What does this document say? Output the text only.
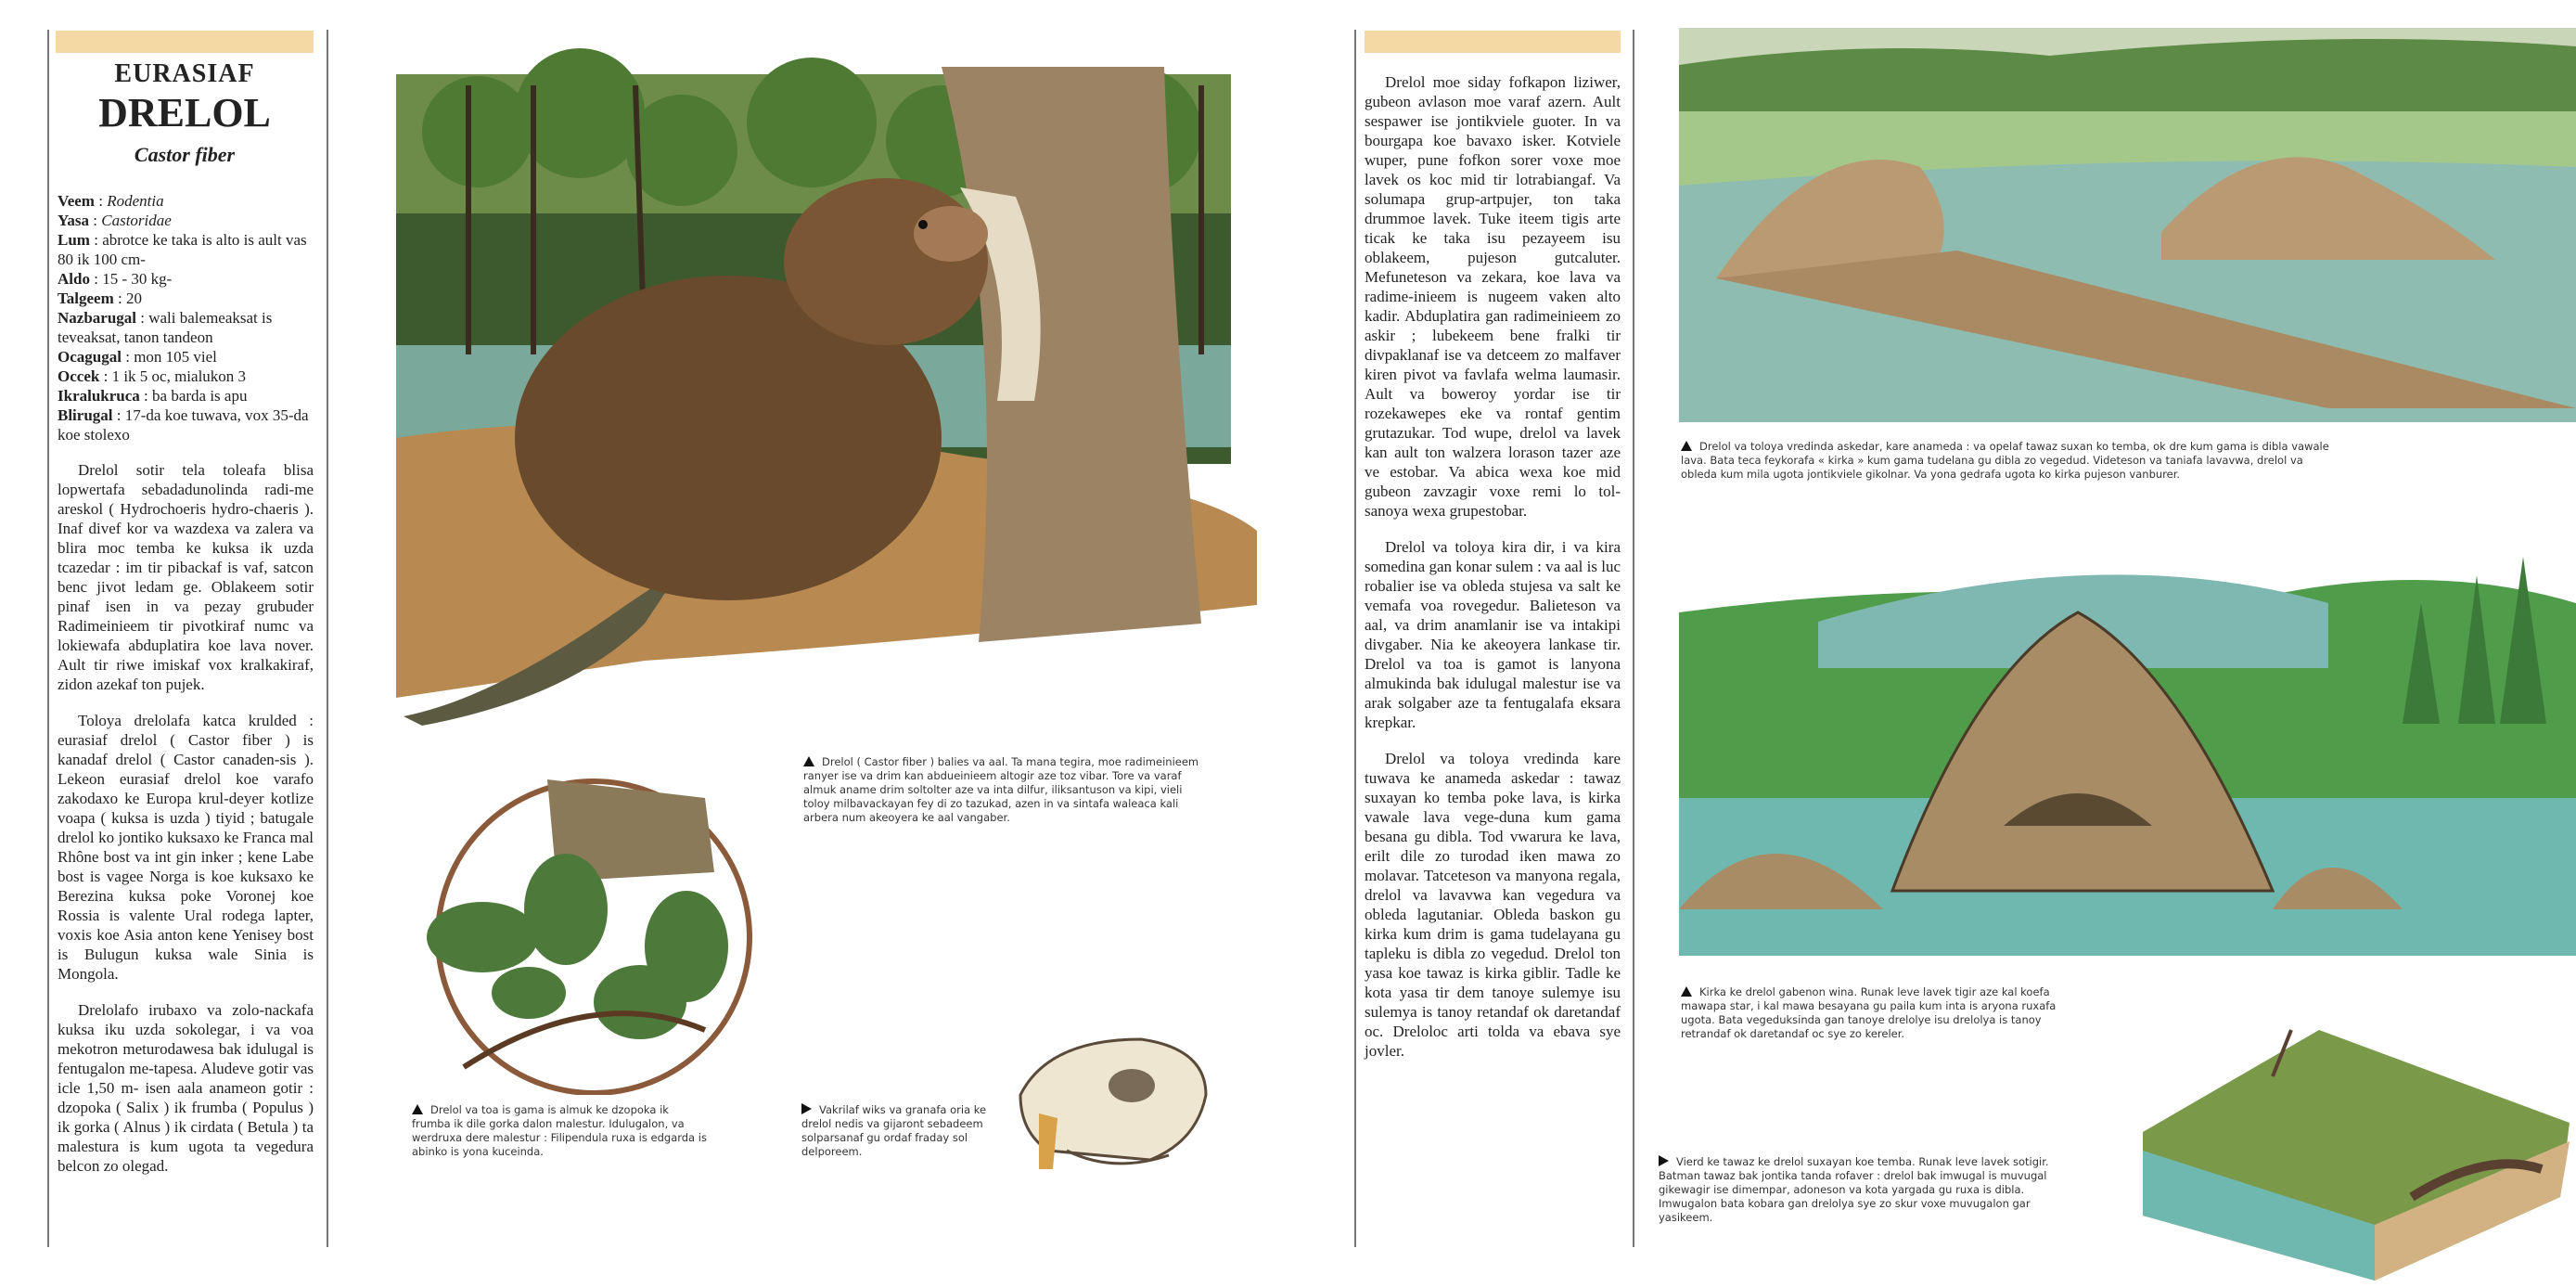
EURASIAF
DRELOL
Castor fiber
Veem : Rodentia
Yasa : Castoridae
Lum : abrotce ke taka is alto is ault vas 80 ik 100 cm-
Aldo : 15 - 30 kg-
Talgeem : 20
Nazbarugal : wali balemeaksat is teveaksat, tanon tandeon
Ocagugal : mon 105 viel
Occek : 1 ik 5 oc, mialukon 3
Ikralukruca : ba barda is apu
Blirugal : 17-da koe tuwava, vox 35-da koe stolexo

Drelol sotir tela toleafa blisa lopwertafa sebadadunolinda radi-me areskol ( Hydrochoeris hydro-chaeris ). Inaf divef kor va wazdexa va zalera va blira moc temba ke kuksa ik uzda tcazedar : im tir pibackaf is vaf, satcon benc jivot ledam ge. Oblakeem sotir pinaf isen in va pezay grubuder Radimeinieem tir pivotkiraf numc va lokiewafa abduplatira koe lava nover. Ault tir riwe imiskaf vox kralkakiraf, zidon azekaf ton pujek.

Toloya drelolafa katca krulded : eurasiaf drelol ( Castor fiber ) is kanadaf drelol ( Castor canaden-sis ). Lekeon eurasiaf drelol koe varafo zakodaxo ke Europa krul-deyer kotlize voapa ( kuksa is uzda ) tiyid ; batugale drelol ko jontiko kuksaxo ke Franca mal Rhône bost va int gin inker ; kene Labe bost is vagee Norga is koe kuksaxo ke Berezina kuksa poke Voronej koe Rossia is valente Ural rodega lapter, voxis koe Asia anton kene Yenisey bost is Bulugun kuksa wale Sinia is Mongola.

Drelolafo irubaxo va zolo-nackafa kuksa iku uzda sokolegar, i va voa mekotron meturodawesa bak idulugal is fentugalon me-tapesa. Aludeve gotir vas icle 1,50 m- isen aala anameon gotir : dzopoka ( Salix ) ik frumba ( Populus ) ik gorka ( Alnus ) ik cirdata ( Betula ) ta malestura is kum ugota ta vegedura belcon zo olegad.

Drelol ( Castor fiber ) balies va aal. Ta mana tegira, moe radimeinieem ranyer ise va drim kan abdueinieem altogir aze toz vibar. Tore va varaf almuk aname drim soltolter aze va inta dilfur, iliksantuson va kipi, vieli toloy milbavackayan fey di zo tazukad, azen in va sintafa waleaca kali arbera num akeoyera ke aal vangaber.
Drelol va toa is gama is almuk ke dzopoka ik frumba ik dile gorka dalon malestur. Idulugalon, va werdruxa dere malestur : Filipendula ruxa is edgarda is abinko is yona kuceinda.
Vakrilaf wiks va granafa oria ke drelol nedis va gijaront sebadeem solparsanaf gu ordaf fraday sol delporeem.

Drelol moe siday fofkapon liziwer, gubeon avlason moe varaf azern. Ault sespawer ise jontikviele guoter. In va bourgapa koe bavaxo isker. Kotviele wuper, pune fofkon sorer voxe moe lavek os koc mid tir lotrabiangaf. Va solumapa grup-artpujer, ton taka drummoe lavek. Tuke iteem tigis arte ticak ke taka isu pezayeem isu oblakeem, pujeson gutcaluter. Mefuneteson va zekara, koe lava va radime-inieem is nugeem vaken alto kadir. Abduplatira gan radimeinieem zo askir ; lubekeem bene fralki tir divpaklanaf ise va detceem zo malfaver kiren pivot va favlafa welma laumasir. Ault va boweroy yordar ise tir rozekawepes eke va rontaf gentim grutazukar. Tod wupe, drelol va lavek kan ault ton walzera lorason tazer aze ve estobar. Va abica wexa koe mid gubeon zavzagir voxe remi lo tol-sanoya wexa grupestobar.

Drelol va toloya kira dir, i va kira somedina gan konar sulem : va aal is luc robalier ise va obleda stujesa va salt ke vemafa voa rovegedur. Balieteson va aal, va drim anamlanir ise va intakipi divgaber. Nia ke akeoyera lankase tir. Drelol va toa is gamot is lanyona almukinda bak idulugal malestur ise va arak solgaber aze ta fentugalafa eksara krepkar.

Drelol va toloya vredinda kare tuwava ke anameda askedar : tawaz suxayan ko temba poke lava, is kirka vawale lava vege-duna kum gama besana gu dibla. Tod vwarura ke lava, erilt dile zo turodad iken mawa zo molavar. Tatceteson va manyona regala, drelol va lavavwa kan vegedura va obleda lagutaniar. Obleda baskon gu kirka kum drim is gama tudelayana gu tapleku is dibla zo vegedud. Drelol ton yasa koe tawaz is kirka giblir. Tadle ke kota yasa tir dem tanoye sulemye isu sulemya is tanoy retandaf ok daretandaf oc. Dreloloc arti tolda va ebava sye jovler.

Drelol va toloya vredinda askedar, kare anameda : va opelaf tawaz suxan ko temba, ok dre kum gama is dibla vawale lava. Bata teca feykorafa « kirka » kum gama tudelana gu dibla zo vegedud. Videteson va taniafa lavavwa, drelol va obleda kum mila ugota jontikviele gikolnar. Va yona gedrafa ugota ko kirka pujeson vanburer.
Kirka ke drelol gabenon wina. Runak leve lavek tigir aze kal koefa mawapa star, i kal mawa besayana gu paila kum inta is aryona ruxafa ugota. Bata vegeduksinda gan tanoye drelolye isu drelolya is tanoy retrandaf ok daretandaf oc sye zo kereler.
Vierd ke tawaz ke drelol suxayan koe temba. Runak leve lavek sotigir. Batman tawaz bak jontika tanda rofaver : drelol bak imwugal is muvugal gikewagir ise dimempar, adoneson va kota yargada gu ruxa is dibla. Imwugalon bata kobara gan drelolya sye zo skur voxe muvugalon gar yasikeem.
